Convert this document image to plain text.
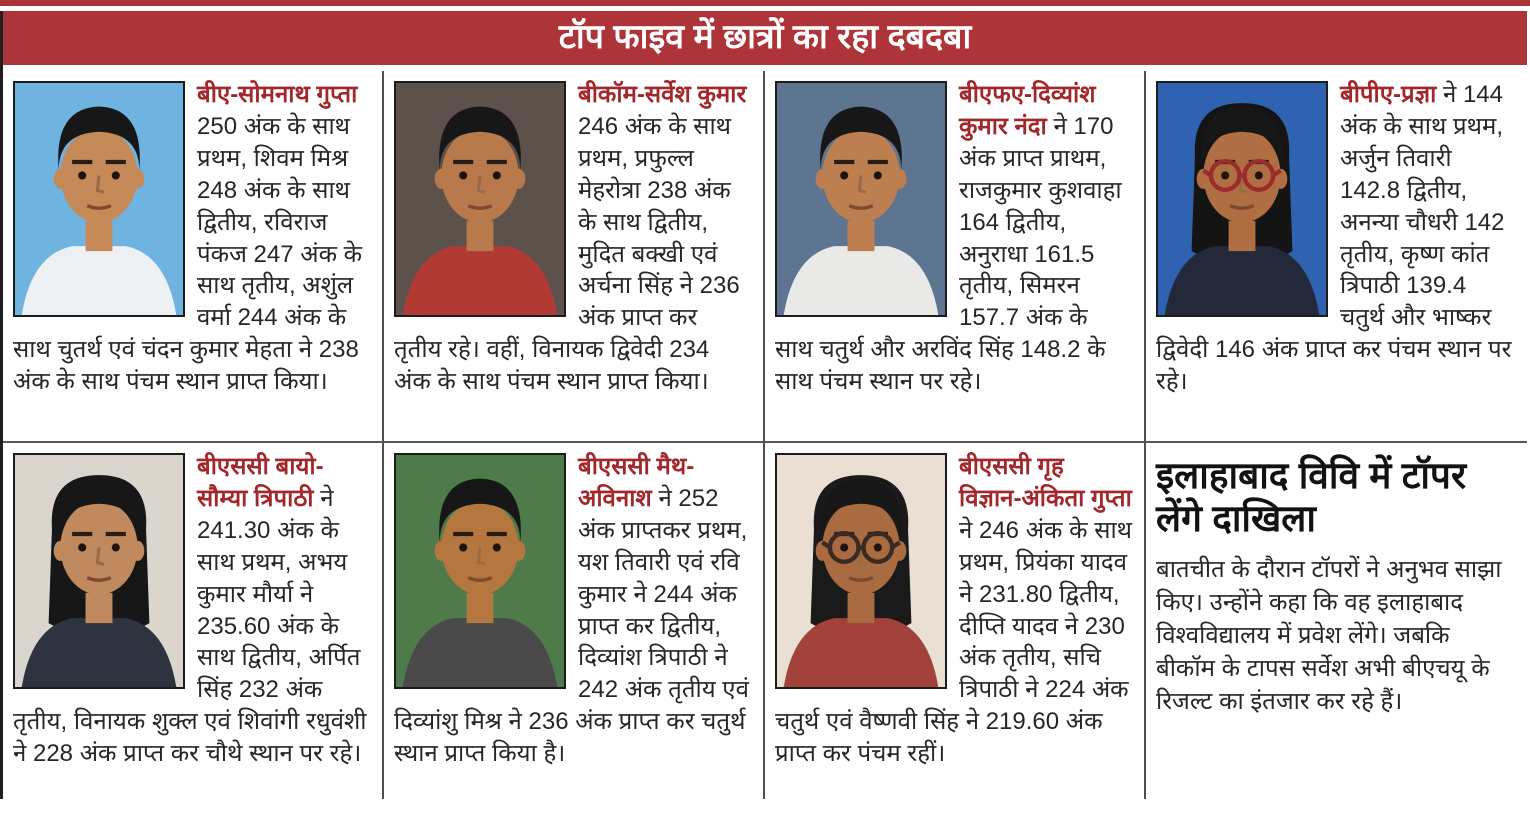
टॉप फाइव में छात्रों का रहा दबदबा

बीए-सोमनाथ गुप्ता 250 अंक के साथ प्रथम, शिवम मिश्र 248 अंक के साथ द्वितीय, रविराज पंकज 247 अंक के साथ तृतीय, अशुंल वर्मा 244 अंक के साथ चुतर्थ एवं चंदन कुमार मेहता ने 238 अंक के साथ पंचम स्थान प्राप्त किया।

बीकॉम-सर्वेश कुमार 246 अंक के साथ प्रथम, प्रफुल्ल मेहरोत्रा 238 अंक के साथ द्वितीय, मुदित बक्खी एवं अर्चना सिंह ने 236 अंक प्राप्त कर तृतीय रहे। वहीं, विनायक द्विवेदी 234 अंक के साथ पंचम स्थान प्राप्त किया।

बीएफए-दिव्यांश कुमार नंदा ने 170 अंक प्राप्त प्राथम, राजकुमार कुशवाहा 164 द्वितीय, अनुराधा 161.5 तृतीय, सिमरन 157.7 अंक के साथ चतुर्थ और अरविंद सिंह 148.2 के साथ पंचम स्थान पर रहे।

बीपीए-प्रज्ञा ने 144 अंक के साथ प्रथम, अर्जुन तिवारी 142.8 द्वितीय, अनन्या चौधरी 142 तृतीय, कृष्ण कांत त्रिपाठी 139.4 चतुर्थ और भाष्कर द्विवेदी 146 अंक प्राप्त कर पंचम स्थान पर रहे।

बीएससी बायो-सौम्या त्रिपाठी ने 241.30 अंक के साथ प्रथम, अभय कुमार मौर्या ने 235.60 अंक के साथ द्वितीय, अर्पित सिंह 232 अंक तृतीय, विनायक शुक्ल एवं शिवांगी रधुवंशी ने 228 अंक प्राप्त कर चौथे स्थान पर रहे।

बीएससी मैथ-अविनाश ने 252 अंक प्राप्तकर प्रथम, यश तिवारी एवं रवि कुमार ने 244 अंक प्राप्त कर द्वितीय, दिव्यांश त्रिपाठी ने 242 अंक तृतीय एवं दिव्यांशु मिश्र ने 236 अंक प्राप्त कर चतुर्थ स्थान प्राप्त किया है।

बीएससी गृह विज्ञान-अंकिता गुप्ता ने 246 अंक के साथ प्रथम, प्रियंका यादव ने 231.80 द्वितीय, दीप्ति यादव ने 230 अंक तृतीय, सचि त्रिपाठी ने 224 अंक चतुर्थ एवं वैष्णवी सिंह ने 219.60 अंक प्राप्त कर पंचम रहीं।

इलाहाबाद विवि में टॉपर लेंगे दाखिला

बातचीत के दौरान टॉपरों ने अनुभव साझा किए। उन्होंने कहा कि वह इलाहाबाद विश्वविद्यालय में प्रवेश लेंगे। जबकि बीकॉम के टापस सर्वेश अभी बीएचयू के रिजल्ट का इंतजार कर रहे हैं।
